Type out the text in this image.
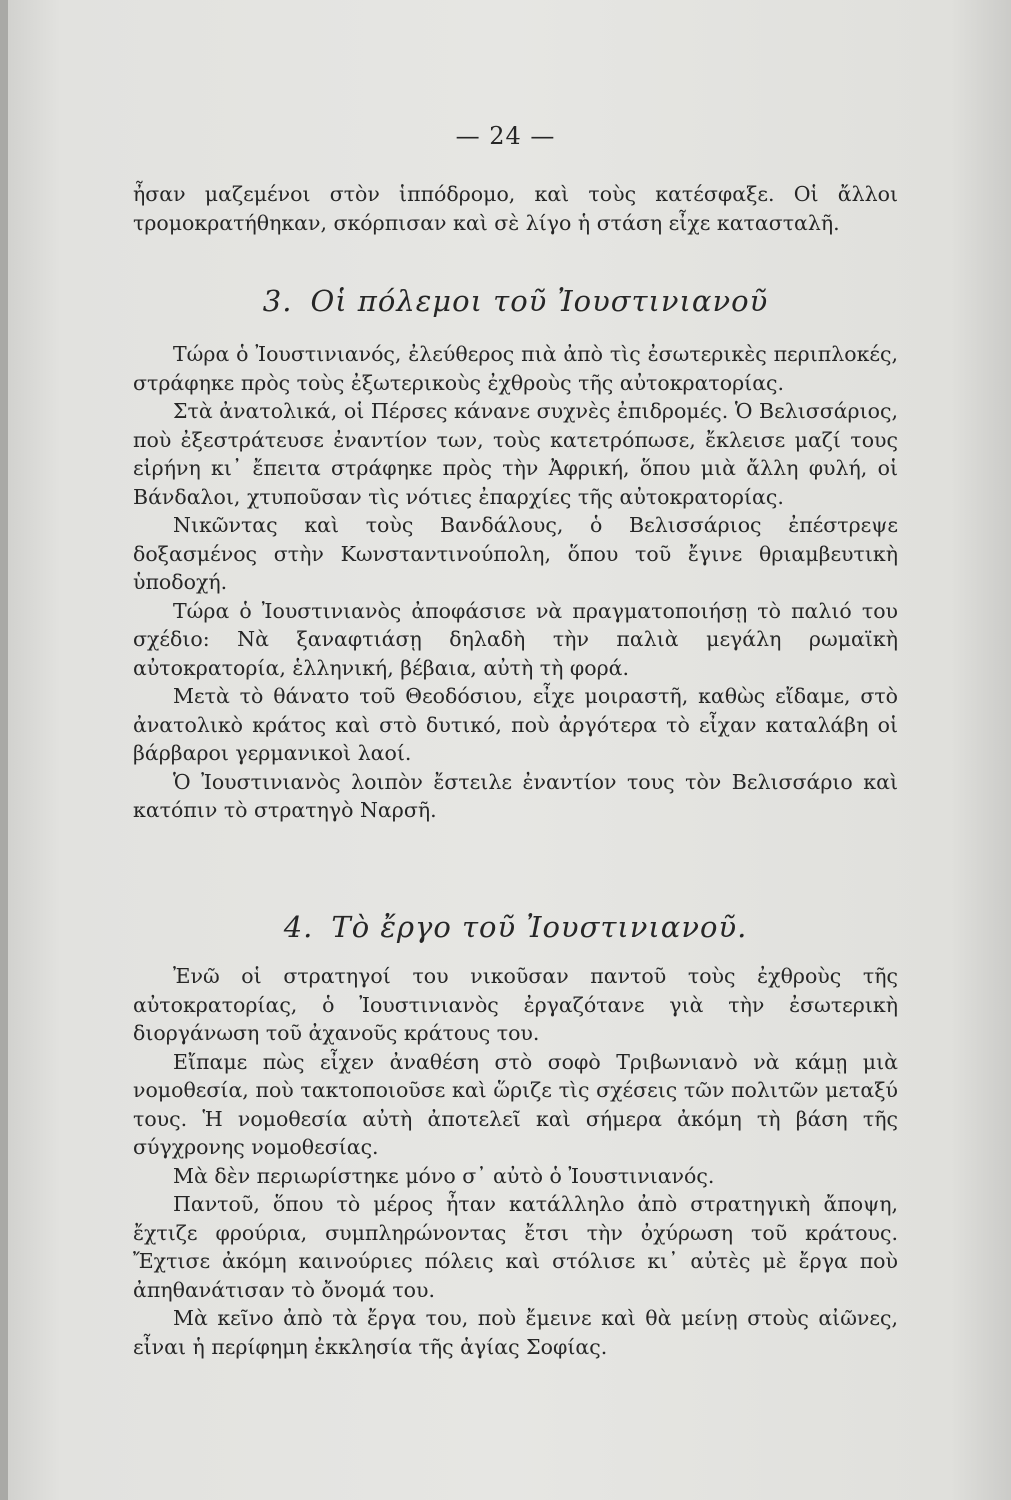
— 24 —

ἦσαν μαζεμένοι στὸν ἱππόδρομο, καὶ τοὺς κατέσφαξε. Οἱ ἄλλοι τρομοκρατήθηκαν, σκόρπισαν καὶ σὲ λίγο ἡ στάση εἶχε κατασταλῆ.

3. Οἱ πόλεμοι τοῦ Ἰουστινιανοῦ

Τώρα ὁ Ἰουστινιανός, ἐλεύθερος πιὰ ἀπὸ τὶς ἐσωτερικὲς περιπλοκές, στράφηκε πρὸς τοὺς ἐξωτερικοὺς ἐχθροὺς τῆς αὐτοκρατορίας.

Στὰ ἀνατολικά, οἱ Πέρσες κάνανε συχνὲς ἐπιδρομές. Ὁ Βελισσάριος, ποὺ ἐξεστράτευσε ἐναντίον των, τοὺς κατετρόπωσε, ἔκλεισε μαζί τους εἰρήνη κι᾽ ἔπειτα στράφηκε πρὸς τὴν Ἀφρική, ὅπου μιὰ ἄλλη φυλή, οἱ Βάνδαλοι, χτυποῦσαν τὶς νότιες ἐπαρχίες τῆς αὐτοκρατορίας.

Νικῶντας καὶ τοὺς Βανδάλους, ὁ Βελισσάριος ἐπέστρεψε δοξασμένος στὴν Κωνσταντινούπολη, ὅπου τοῦ ἔγινε θριαμβευτικὴ ὑποδοχή.

Τώρα ὁ Ἰουστινιανὸς ἀποφάσισε νὰ πραγματοποιήσῃ τὸ παλιό του σχέδιο: Νὰ ξαναφτιάσῃ δηλαδὴ τὴν παλιὰ μεγάλη ρωμαϊκὴ αὐτοκρατορία, ἑλληνική, βέβαια, αὐτὴ τὴ φορά.

Μετὰ τὸ θάνατο τοῦ Θεοδόσιου, εἶχε μοιραστῆ, καθὼς εἴδαμε, στὸ ἀνατολικὸ κράτος καὶ στὸ δυτικό, ποὺ ἀργότερα τὸ εἶχαν καταλάβη οἱ βάρβαροι γερμανικοὶ λαοί.

Ὁ Ἰουστινιανὸς λοιπὸν ἔστειλε ἐναντίον τους τὸν Βελισσάριο καὶ κατόπιν τὸ στρατηγὸ Ναρσῆ.

4. Τὸ ἔργο τοῦ Ἰουστινιανοῦ.

Ἐνῶ οἱ στρατηγοί του νικοῦσαν παντοῦ τοὺς ἐχθροὺς τῆς αὐτοκρατορίας, ὁ Ἰουστινιανὸς ἐργαζότανε γιὰ τὴν ἐσωτερικὴ διοργάνωση τοῦ ἀχανοῦς κράτους του.

Εἴπαμε πὼς εἶχεν ἀναθέση στὸ σοφὸ Τριβωνιανὸ νὰ κάμῃ μιὰ νομοθεσία, ποὺ τακτοποιοῦσε καὶ ὥριζε τὶς σχέσεις τῶν πολιτῶν μεταξύ τους. Ἡ νομοθεσία αὐτὴ ἀποτελεῖ καὶ σήμερα ἀκόμη τὴ βάση τῆς σύγχρονης νομοθεσίας.

Μὰ δὲν περιωρίστηκε μόνο σ᾽ αὐτὸ ὁ Ἰουστινιανός.

Παντοῦ, ὅπου τὸ μέρος ἦταν κατάλληλο ἀπὸ στρατηγικὴ ἄποψη, ἔχτιζε φρούρια, συμπληρώνοντας ἔτσι τὴν ὀχύρωση τοῦ κράτους. Ἔχτισε ἀκόμη καινούριες πόλεις καὶ στόλισε κι᾽ αὐτὲς μὲ ἔργα ποὺ ἀπηθανάτισαν τὸ ὄνομά του.

Μὰ κεῖνο ἀπὸ τὰ ἔργα του, ποὺ ἔμεινε καὶ θὰ μείνῃ στοὺς αἰῶνες, εἶναι ἡ περίφημη ἐκκλησία τῆς ἁγίας Σοφίας.
